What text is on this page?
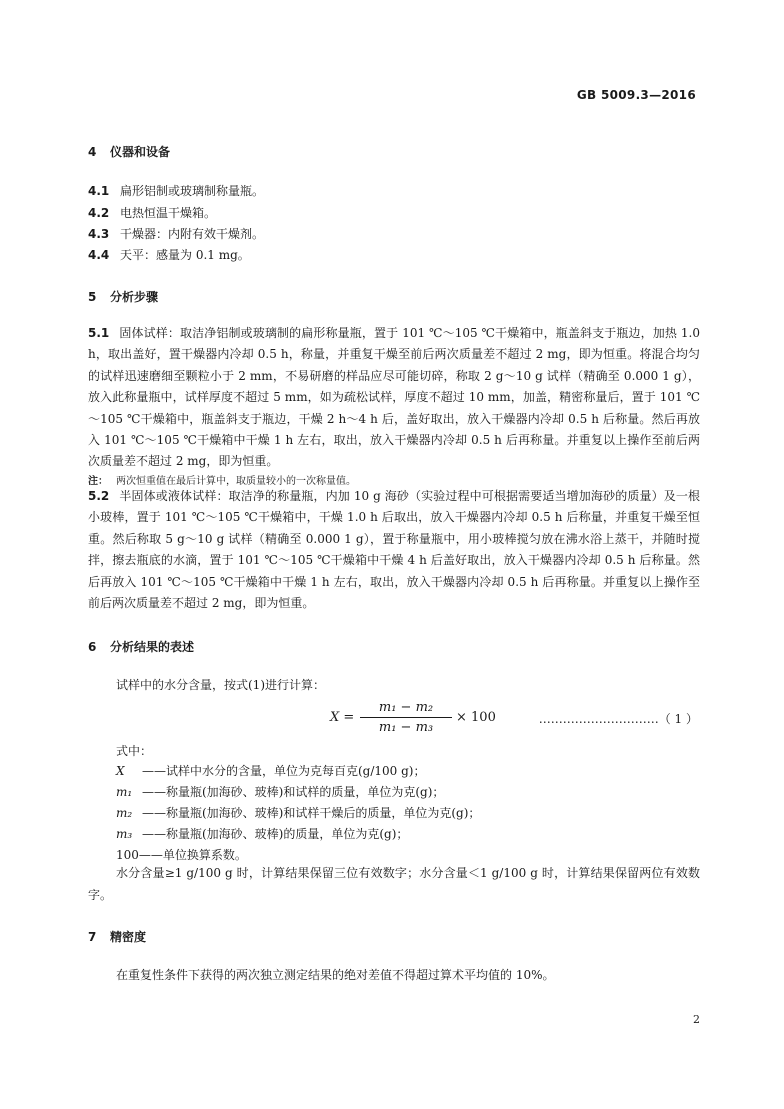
GB 5009.3—2016
4 仪器和设备
4.1 扁形铝制或玻璃制称量瓶。
4.2 电热恒温干燥箱。
4.3 干燥器：内附有效干燥剂。
4.4 天平：感量为 0.1 mg。
5 分析步骤
5.1 固体试样：取洁净铝制或玻璃制的扁形称量瓶，置于 101 ℃～105 ℃干燥箱中，瓶盖斜支于瓶边，加热 1.0 h，取出盖好，置干燥器内冷却 0.5 h，称量，并重复干燥至前后两次质量差不超过 2 mg，即为恒重。将混合均匀的试样迅速磨细至颗粒小于 2 mm，不易研磨的样品应尽可能切碎，称取 2 g～10 g 试样（精确至 0.000 1 g），放入此称量瓶中，试样厚度不超过 5 mm，如为疏松试样，厚度不超过 10 mm，加盖，精密称量后，置于 101 ℃～105 ℃干燥箱中，瓶盖斜支于瓶边，干燥 2 h～4 h 后，盖好取出，放入干燥器内冷却 0.5 h 后称量。然后再放入 101 ℃～105 ℃干燥箱中干燥 1 h 左右，取出，放入干燥器内冷却 0.5 h 后再称量。并重复以上操作至前后两次质量差不超过 2 mg，即为恒重。
注： 两次恒重值在最后计算中，取质量较小的一次称量值。
5.2 半固体或液体试样：取洁净的称量瓶，内加 10 g 海砂（实验过程中可根据需要适当增加海砂的质量）及一根小玻棒，置于 101 ℃～105 ℃干燥箱中，干燥 1.0 h 后取出，放入干燥器内冷却 0.5 h 后称量，并重复干燥至恒重。然后称取 5 g～10 g 试样（精确至 0.000 1 g），置于称量瓶中，用小玻棒搅匀放在沸水浴上蒸干，并随时搅拌，擦去瓶底的水滴，置于 101 ℃～105 ℃干燥箱中干燥 4 h 后盖好取出，放入干燥器内冷却 0.5 h 后称量。然后再放入 101 ℃～105 ℃干燥箱中干燥 1 h 左右，取出，放入干燥器内冷却 0.5 h 后再称量。并重复以上操作至前后两次质量差不超过 2 mg，即为恒重。
6 分析结果的表述
试样中的水分含量，按式(1)进行计算：
$X = \frac{\text{m₁ − m₂}}{\text{m₁ − m₃}} \times 100$	…………………………（ 1 ）
式中：
X ——试样中水分的含量，单位为克每百克(g/100 g)；
m₁ ——称量瓶(加海砂、玻棒)和试样的质量，单位为克(g)；
m₂ ——称量瓶(加海砂、玻棒)和试样干燥后的质量，单位为克(g)；
m₃ ——称量瓶(加海砂、玻棒)的质量，单位为克(g)；
100——单位换算系数。
水分含量≥1 g/100 g 时，计算结果保留三位有效数字；水分含量＜1 g/100 g 时，计算结果保留两位有效数字。
7 精密度
在重复性条件下获得的两次独立测定结果的绝对差值不得超过算术平均值的 10%。
2
